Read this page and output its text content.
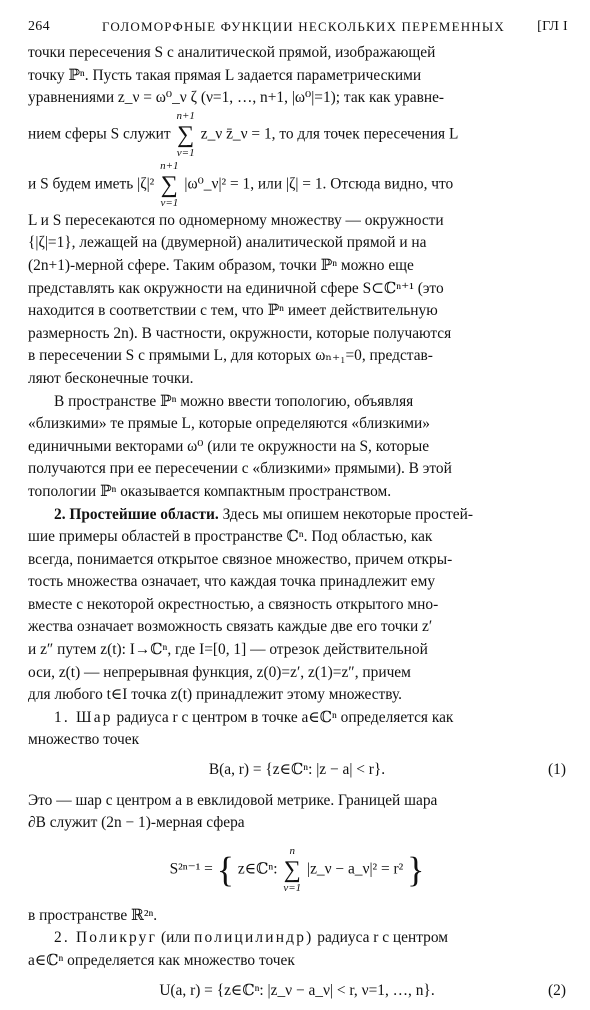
264	ГОЛОМОРФНЫЕ ФУНКЦИИ НЕСКОЛЬКИХ ПЕРЕМЕННЫХ [ГЛ I

точки пересечения S с аналитической прямой, изображающей

точку ℙⁿ. Пусть такая прямая L задается параметрическими

уравнениями z_ν = ω⁰_ν ζ (ν=1, …, n+1, |ω⁰|=1); так как уравне-

нием сферы S служит
n+1
∑
ν=1
z_ν z̄_ν = 1, то для точек пересечения L

и S будем иметь |ζ|²
n+1
∑
ν=1
|ω⁰_ν|² = 1, или |ζ| = 1. Отсюда видно, что

L и S пересекаются по одномерному множеству — окружности

{|ζ|=1}, лежащей на (двумерной) аналитической прямой и на

(2n+1)-мерной сфере. Таким образом, точки ℙⁿ можно еще

представлять как окружности на единичной сфере S⊂ℂⁿ⁺¹ (это

находится в соответствии с тем, что ℙⁿ имеет действительную

размерность 2n). В частности, окружности, которые получаются

в пересечении S с прямыми L, для которых ωₙ₊₁=0, представ-

ляют бесконечные точки.

В пространстве ℙⁿ можно ввести топологию, объявляя

«близкими» те прямые L, которые определяются «близкими»

единичными векторами ω⁰ (или те окружности на S, которые

получаются при ее пересечении с «близкими» прямыми). В этой

топологии ℙⁿ оказывается компактным пространством.

2. Простейшие области. Здесь мы опишем некоторые простей-

шие примеры областей в пространстве ℂⁿ. Под областью, как

всегда, понимается открытое связное множество, причем откры-

тость множества означает, что каждая точка принадлежит ему

вместе с некоторой окрестностью, а связность открытого мно-

жества означает возможность связать каждые две его точки z′

и z″ путем z(t): I→ℂⁿ, где I=[0, 1] — отрезок действительной

оси, z(t) — непрерывная функция, z(0)=z′, z(1)=z″, причем

для любого t∈I точка z(t) принадлежит этому множеству.

1. Шар радиуса r с центром в точке a∈ℂⁿ определяется как

множество точек

B(a, r) = {z∈ℂⁿ: |z − a| < r}.	(1)

Это — шар с центром a в евклидовой метрике. Границей шара

∂B служит (2n − 1)-мерная сфера

S²ⁿ⁻¹ = { z∈ℂⁿ:
n
∑
ν=1
|z_ν − a_ν|² = r² }

в пространстве ℝ²ⁿ.

2. Поликруг (или полицилиндр) радиуса r с центром

a∈ℂⁿ определяется как множество точек

U(a, r) = {z∈ℂⁿ: |z_ν − a_ν| < r, ν=1, …, n}.	(2)
